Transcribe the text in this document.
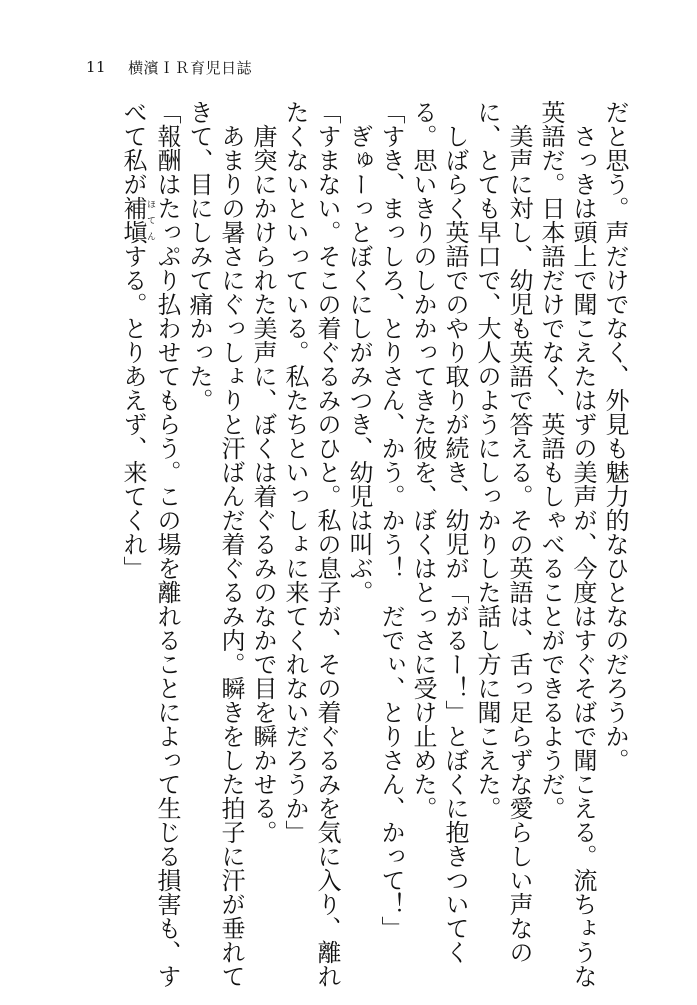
11 横濱ＩＲ育児日誌

だと思う。声だけでなく、外見も魅力的なひとなのだろうか。

さっきは頭上で聞こえたはずの美声が、今度はすぐそばで聞こえる。流ちょうな英語だ。日本語だけでなく、英語もしゃべることができるようだ。

美声に対し、幼児も英語で答える。その英語は、舌っ足らずな愛らしい声なのに、とても早口で、大人のようにしっかりした話し方に聞こえた。

しばらく英語でのやり取りが続き、幼児が「がるー！」とぼくに抱きついてくる。思いきりのしかかってきた彼を、ぼくはとっさに受け止めた。

「すき、まっしろ、とりさん、かう。かう！　だでぃ、とりさん、かって！」

ぎゅーっとぼくにしがみつき、幼児は叫ぶ。

「すまない。そこの着ぐるみのひと。私の息子が、その着ぐるみを気に入り、離れたくないといっている。私たちといっしょに来てくれないだろうか」

唐突にかけられた美声に、ぼくは着ぐるみのなかで目を瞬かせる。

あまりの暑さにぐっしょりと汗ばんだ着ぐるみ内。瞬きをした拍子に汗が垂れてきて、目にしみて痛かった。

「報酬はたっぷり払わせてもらう。この場を離れることによって生じる損害も、すべて私が補塡ほてんする。とりあえず、来てくれ」
